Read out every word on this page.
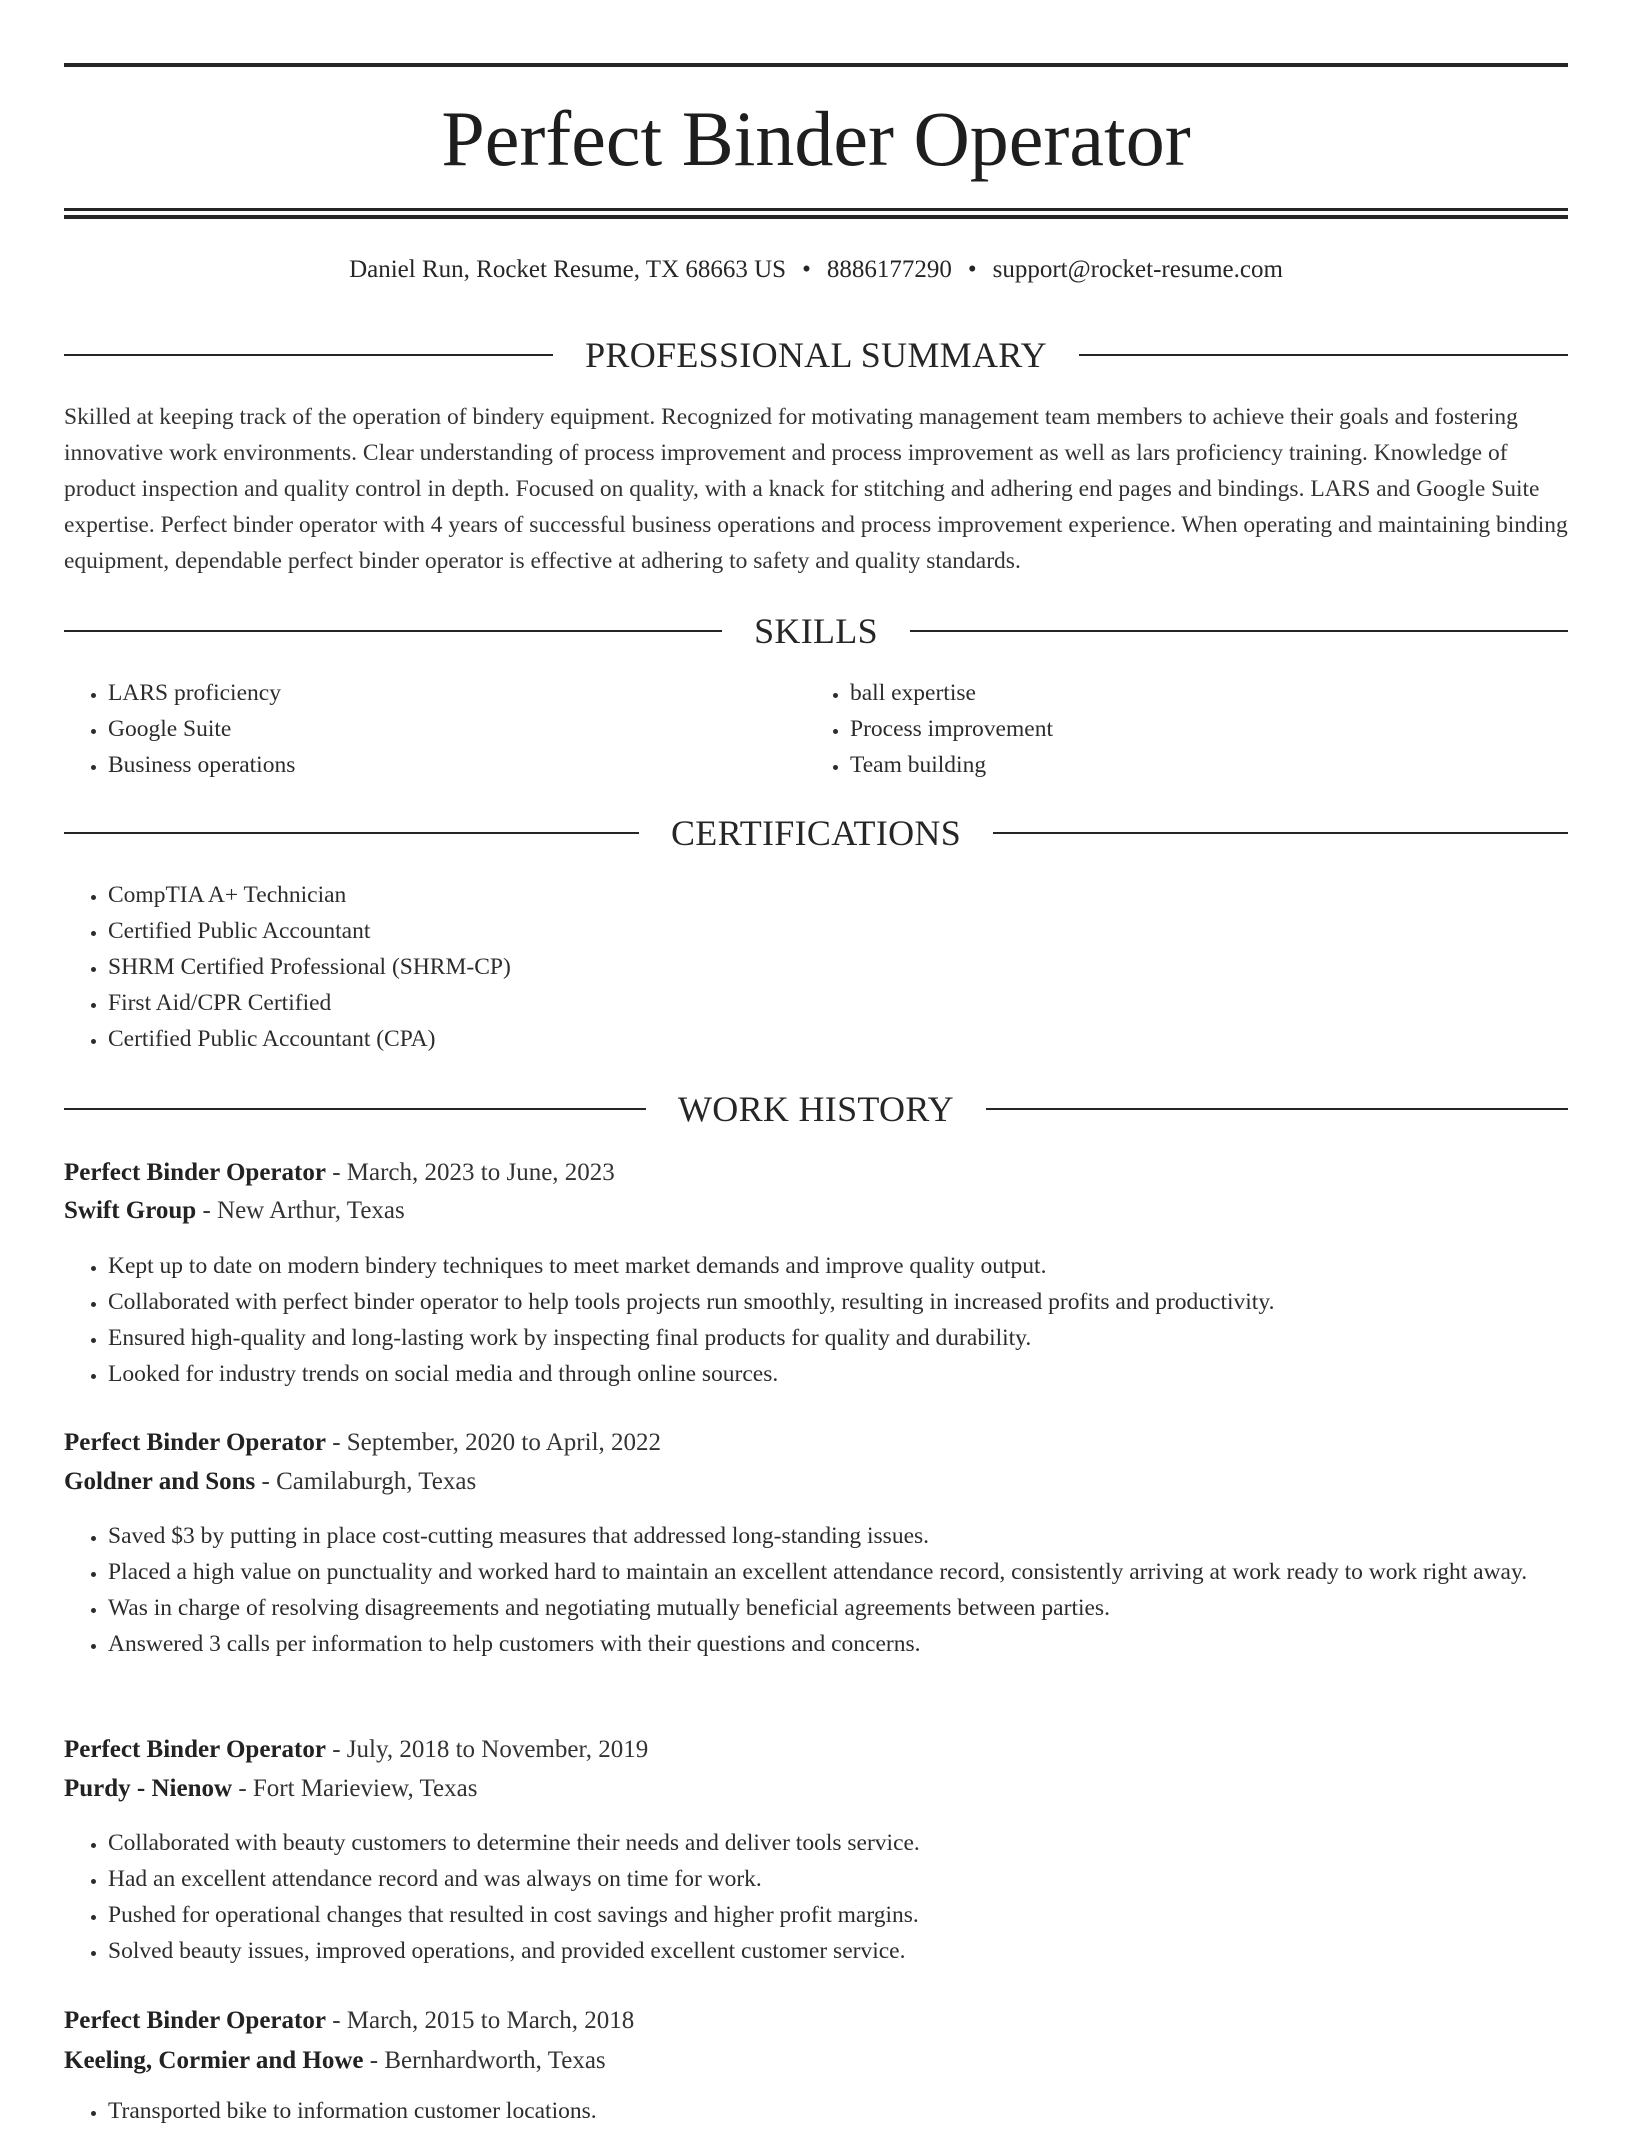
Perfect Binder Operator
Daniel Run, Rocket Resume, TX 68663 US • 8886177290 • support@rocket-resume.com
PROFESSIONAL SUMMARY

Skilled at keeping track of the operation of bindery equipment. Recognized for motivating management team members to achieve their goals and fostering innovative work environments. Clear understanding of process improvement and process improvement as well as lars proficiency training. Knowledge of product inspection and quality control in depth. Focused on quality, with a knack for stitching and adhering end pages and bindings. LARS and Google Suite expertise. Perfect binder operator with 4 years of successful business operations and process improvement experience. When operating and maintaining binding equipment, dependable perfect binder operator is effective at adhering to safety and quality standards.

SKILLS
• LARS proficiency
• Google Suite
• Business operations
• ball expertise
• Process improvement
• Team building
CERTIFICATIONS
• CompTIA A+ Technician
• Certified Public Accountant
• SHRM Certified Professional (SHRM-CP)
• First Aid/CPR Certified
• Certified Public Accountant (CPA)
WORK HISTORY
Perfect Binder Operator - March, 2023 to June, 2023
Swift Group - New Arthur, Texas
• Kept up to date on modern bindery techniques to meet market demands and improve quality output.
• Collaborated with perfect binder operator to help tools projects run smoothly, resulting in increased profits and productivity.
• Ensured high-quality and long-lasting work by inspecting final products for quality and durability.
• Looked for industry trends on social media and through online sources.
Perfect Binder Operator - September, 2020 to April, 2022
Goldner and Sons - Camilaburgh, Texas
• Saved $3 by putting in place cost-cutting measures that addressed long-standing issues.
• Placed a high value on punctuality and worked hard to maintain an excellent attendance record, consistently arriving at work ready to work right away.
• Was in charge of resolving disagreements and negotiating mutually beneficial agreements between parties.
• Answered 3 calls per information to help customers with their questions and concerns.
Perfect Binder Operator - July, 2018 to November, 2019
Purdy - Nienow - Fort Marieview, Texas
• Collaborated with beauty customers to determine their needs and deliver tools service.
• Had an excellent attendance record and was always on time for work.
• Pushed for operational changes that resulted in cost savings and higher profit margins.
• Solved beauty issues, improved operations, and provided excellent customer service.
Perfect Binder Operator - March, 2015 to March, 2018
Keeling, Cormier and Howe - Bernhardworth, Texas
• Transported bike to information customer locations.
